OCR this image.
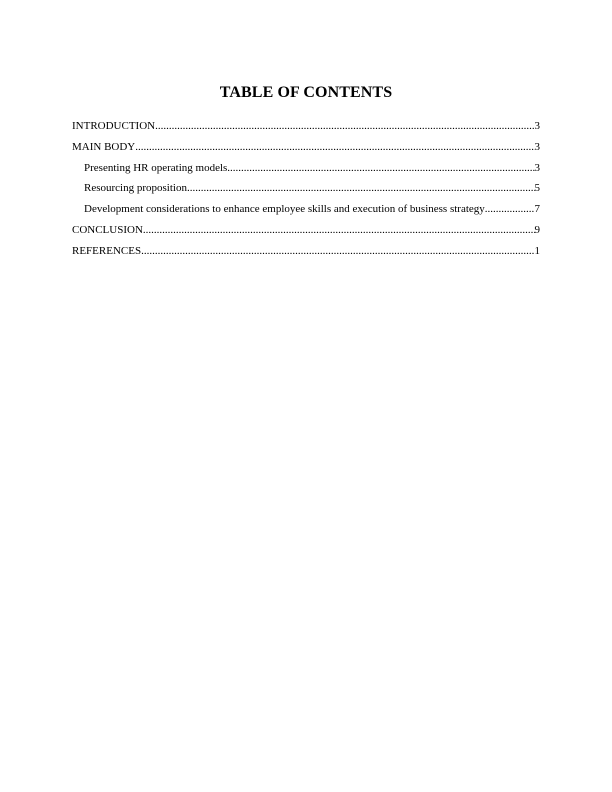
TABLE OF CONTENTS
INTRODUCTION .....	3
MAIN BODY .....	3
Presenting HR operating models .....	3
Resourcing proposition .....	5
Development considerations to enhance employee skills and execution of business strategy .....	7
CONCLUSION .....	9
REFERENCES .....	1
